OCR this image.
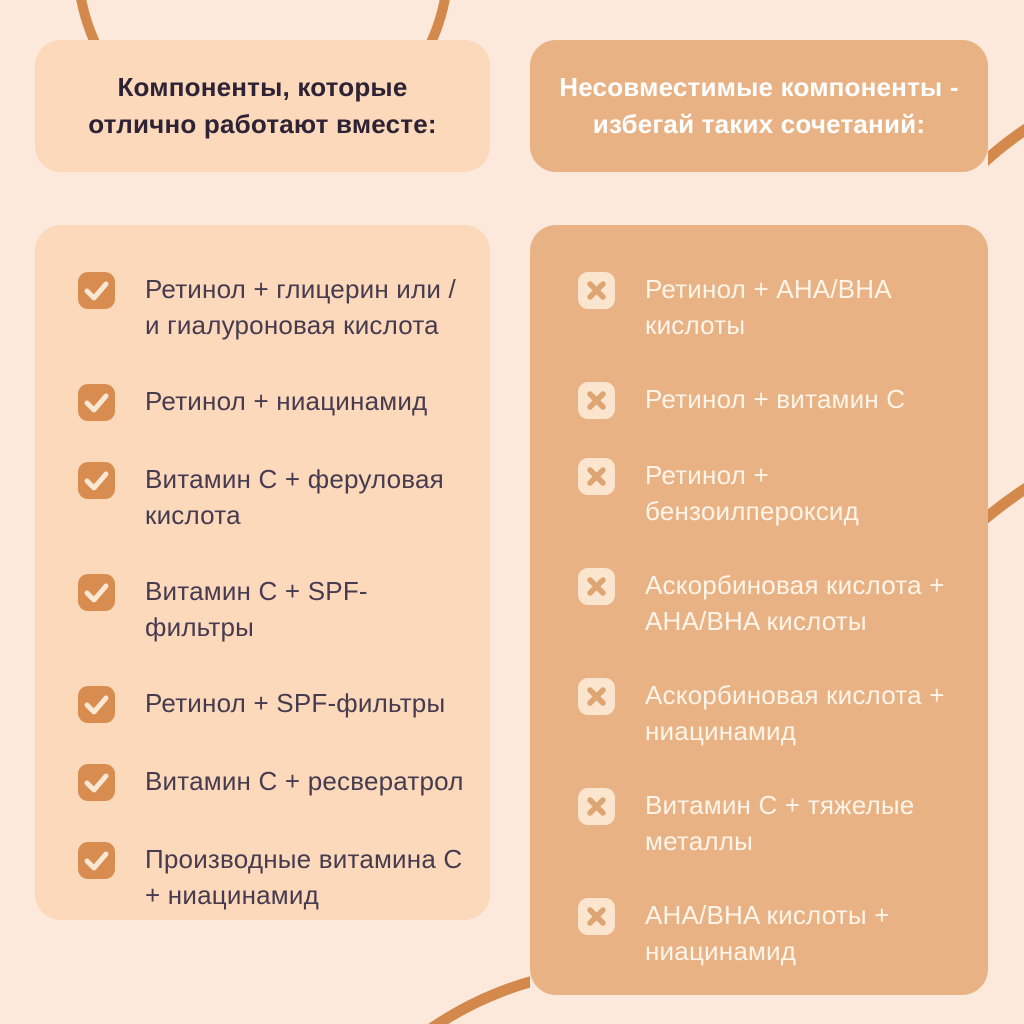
Компоненты, которые
отлично работают вместе:
Ретинол + глицерин или /
и гиалуроновая кислота
Ретинол + ниацинамид
Витамин C + феруловая
кислота
Витамин C + SPF-фильтры
Ретинол + SPF-фильтры
Витамин C + ресвератрол
Производные витамина C
+ ниацинамид
Несовместимые компоненты -
избегай таких сочетаний:
Ретинол + AHA/BHA
кислоты
Ретинол + витамин C
Ретинол +
бензоилпероксид
Аскорбиновая кислота +
AHA/BHA кислоты
Аскорбиновая кислота +
ниацинамид
Витамин C + тяжелые
металлы
AHA/BHA кислоты +
ниацинамид
